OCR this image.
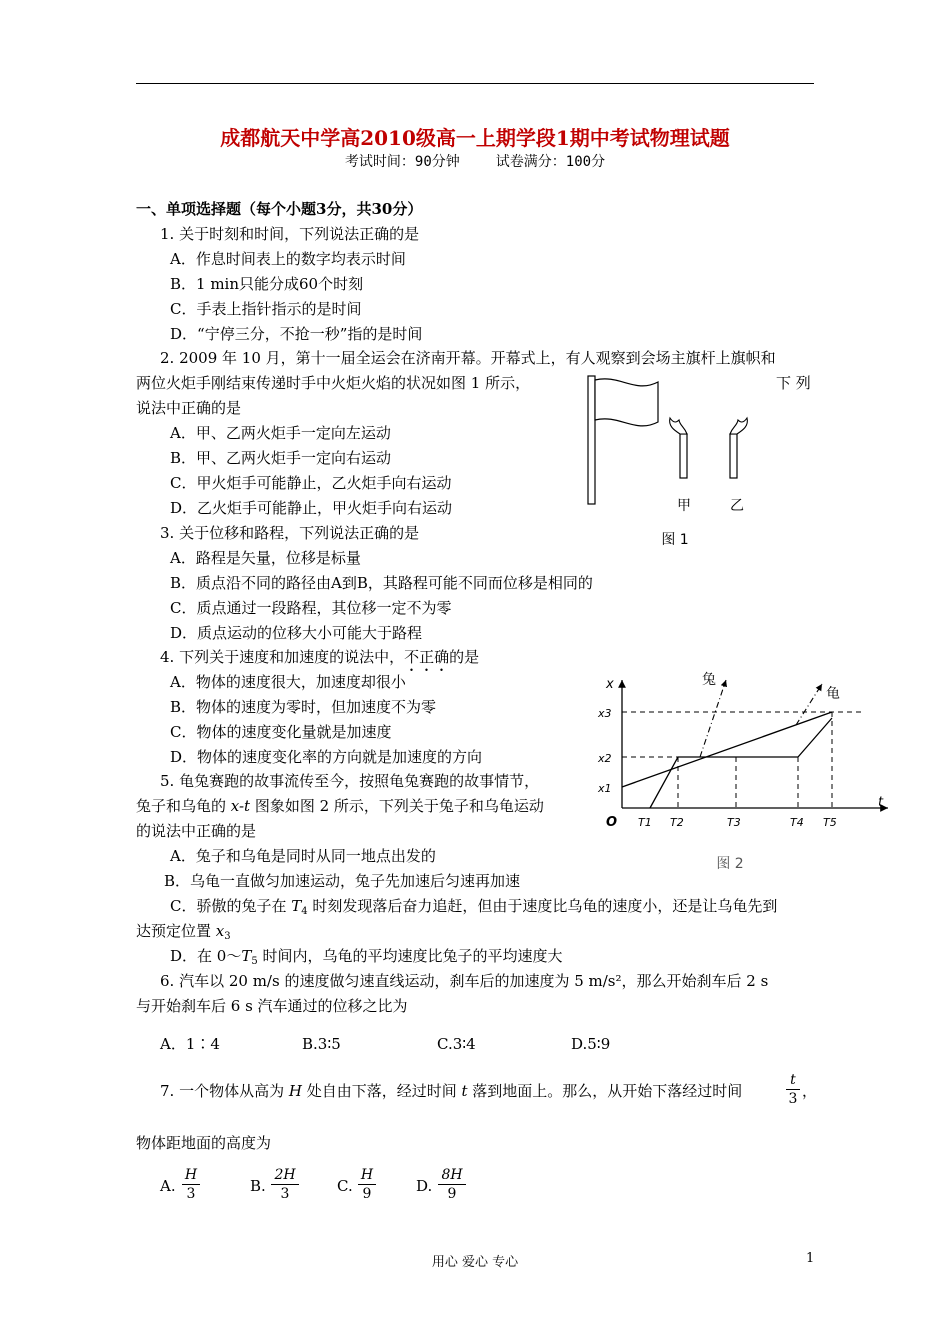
成都航天中学高2010级高一上期学段1期中考试物理试题
考试时间：90分钟	试卷满分：100分
一、单项选择题（每个小题3分，共30分）
1. 关于时刻和时间，下列说法正确的是
A．作息时间表上的数字均表示时间
B．1 min只能分成60个时刻
C．手表上指针指示的是时间
D．“宁停三分，不抢一秒”指的是时间
2. 2009 年 10 月，第十一届全运会在济南开幕。开幕式上，有人观察到会场主旗杆上旗帜和
两位火炬手刚结束传递时手中火炬火焰的状况如图 1 所示，	下 列
说法中正确的是
A．甲、乙两火炬手一定向左运动
B．甲、乙两火炬手一定向右运动
C．甲火炬手可能静止，乙火炬手向右运动
D．乙火炬手可能静止，甲火炬手向右运动	甲	乙
图 1
3. 关于位移和路程，下列说法正确的是
A．路程是矢量，位移是标量
B．质点沿不同的路径由A到B，其路程可能不同而位移是相同的
C．质点通过一段路程，其位移一定不为零
D．质点运动的位移大小可能大于路程
4. 下列关于速度和加速度的说法中，不正确的是
A．物体的速度很大，加速度却很小
B．物体的速度为零时，但加速度不为零
C．物体的速度变化量就是加速度
D．物体的速度变化率的方向就是加速度的方向
5. 龟兔赛跑的故事流传至今，按照龟兔赛跑的故事情节，
兔子和乌龟的 x-t 图象如图 2 所示，下列关于兔子和乌龟运动
的说法中正确的是
A．兔子和乌龟是同时从同一地点出发的
B．乌龟一直做匀加速运动，兔子先加速后匀速再加速
C．骄傲的兔子在 $T_4$ 时刻发现落后奋力追赶，但由于速度比乌龟的速度小，还是让乌龟先到
达预定位置 $x_3$
D．在 $0\sim T_5$ 时间内，乌龟的平均速度比兔子的平均速度大
x
t
O
x1
x2
x3
T1 T2	T3	T4 T5
兔
龟
图 2
6. 汽车以 20 m/s 的速度做匀速直线运动，刹车后的加速度为 5 m/s²，那么开始刹车后 2 s
与开始刹车后 6 s 汽车通过的位移之比为
A．1∶4	B.3∶5	C.3∶4	D.5∶9
7. 一个物体从高为 H 处自由下落，经过时间 t 落到地面上。那么，从开始下落经过时间
t
3 ，
物体距地面的高度为
A.
H
3	B.
2H
3	C.
H
9	D.
8H
9
用心 爱心 专心	1
